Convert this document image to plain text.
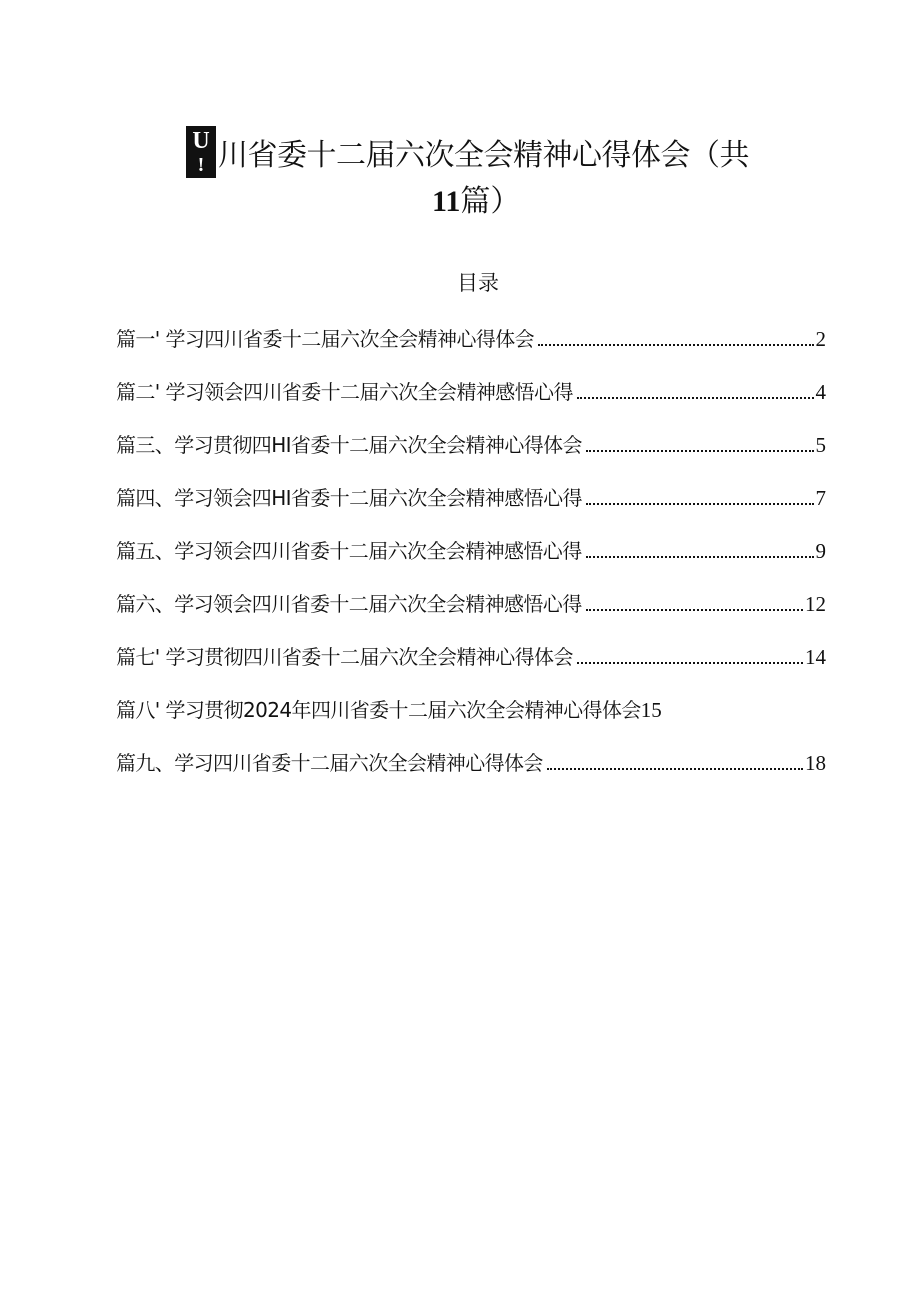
U
! 川省委十二届六次全会精神心得体会（共
11篇）
目录
篇一' 学习四川省委十二届六次全会精神心得体会	2
篇二' 学习领会四川省委十二届六次全会精神感悟心得	4
篇三、学习贯彻四HI省委十二届六次全会精神心得体会	5
篇四、学习领会四HI省委十二届六次全会精神感悟心得	7
篇五、学习领会四川省委十二届六次全会精神感悟心得	9
篇六、学习领会四川省委十二届六次全会精神感悟心得	12
篇七' 学习贯彻四川省委十二届六次全会精神心得体会	14
篇八' 学习贯彻2024年四川省委十二届六次全会精神心得体会 15
篇九、学习四川省委十二届六次全会精神心得体会	18
